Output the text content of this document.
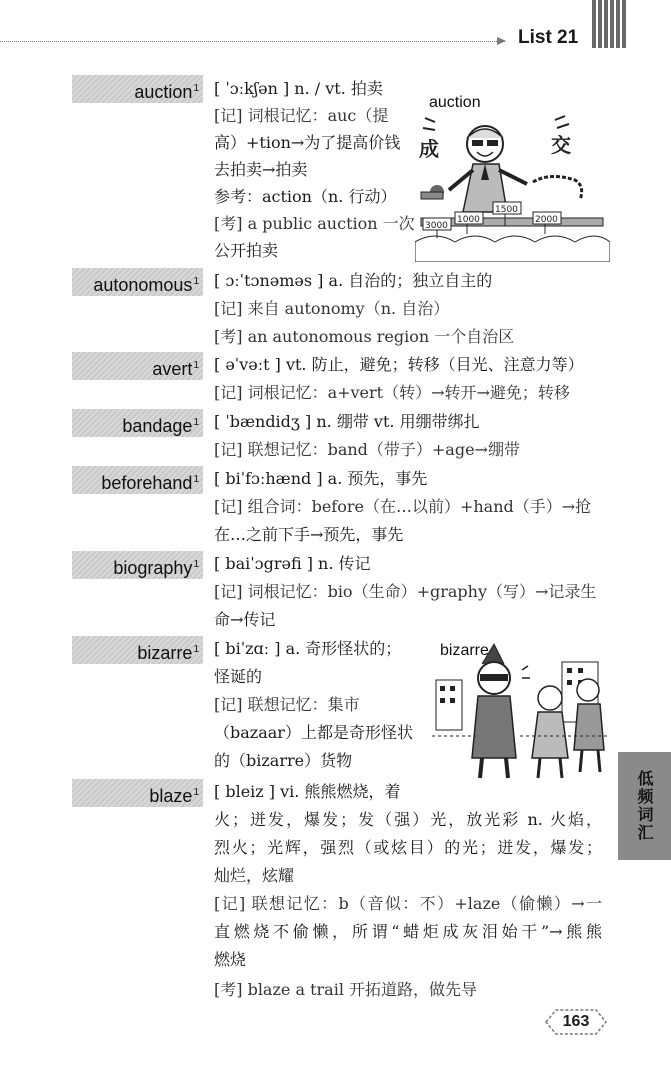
List 21
auction$^1$ [ ˈɔːkʃən ] n. / vt. 拍卖
[记] 词根记忆：auc（提
高）+tion→为了提高价钱
去拍卖→拍卖
参考：action（n. 行动）
[考] a public auction 一次
公开拍卖
auction
成	交
3000
1000
1500
2000
autonomous$^1$ [ ɔːˈtɔnəməs ] a. 自治的；独立自主的
[记] 来自 autonomy（n. 自治）
[考] an autonomous region 一个自治区
avert$^1$ [ əˈvəːt ] vt. 防止，避免；转移（目光、注意力等）
[记] 词根记忆：a+vert（转）→转开→避免；转移
bandage$^1$ [ ˈbændidʒ ] n. 绷带 vt. 用绷带绑扎
[记] 联想记忆：band（带子）+age→绷带
beforehand$^1$ [ biˈfɔːhænd ] a. 预先，事先
[记] 组合词：before（在…以前）+hand（手）→抢
在…之前下手→预先，事先
biography$^1$ [ baiˈɔgrəfi ] n. 传记
[记] 词根记忆：bio（生命）+graphy（写）→记录生
命→传记
bizarre$^1$ [ biˈzɑː ] a. 奇形怪状的；
怪诞的
[记] 联想记忆：集市
（bazaar）上都是奇形怪状
的（bizarre）货物
bizarre
blaze$^1$ [ bleiz ] vi. 熊熊燃烧，着
火；迸发，爆发；发（强）光，放光彩 n. 火焰，
烈火；光辉，强烈（或炫目）的光；迸发，爆发；
灿烂，炫耀
[记] 联想记忆：b（音似：不）+laze（偷懒）→一
直燃烧不偷懒，所谓“蜡炬成灰泪始干”→熊熊
燃烧
[考] blaze a trail 开拓道路，做先导
低频词汇
163
